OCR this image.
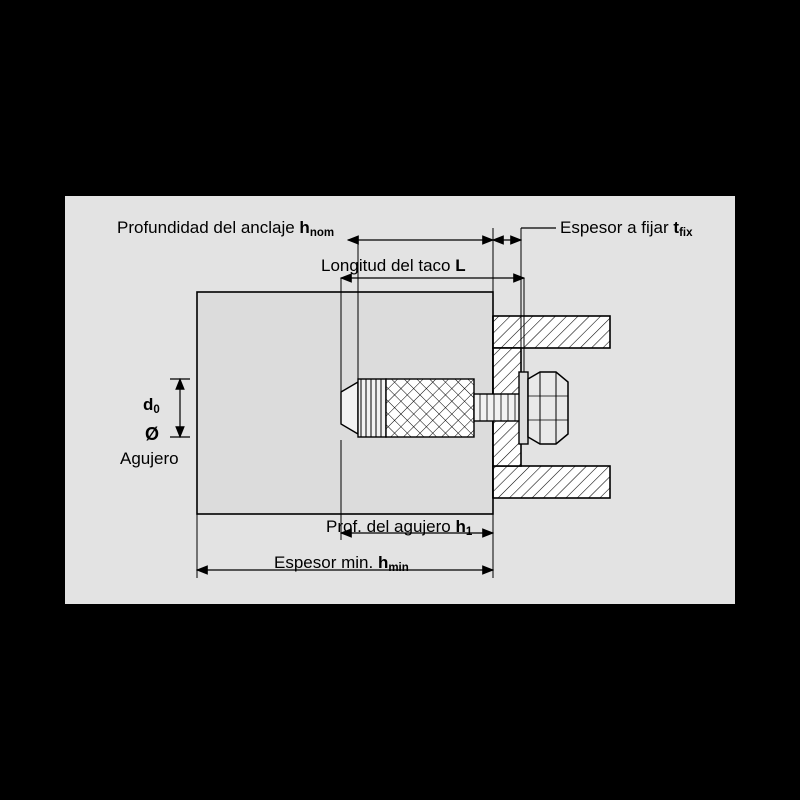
Profundidad del anclaje hnom	Espesor a fijar tfix
Longitud del taco L
d0
Ø
Agujero
Prof. del agujero h1
Espesor min. hmin
